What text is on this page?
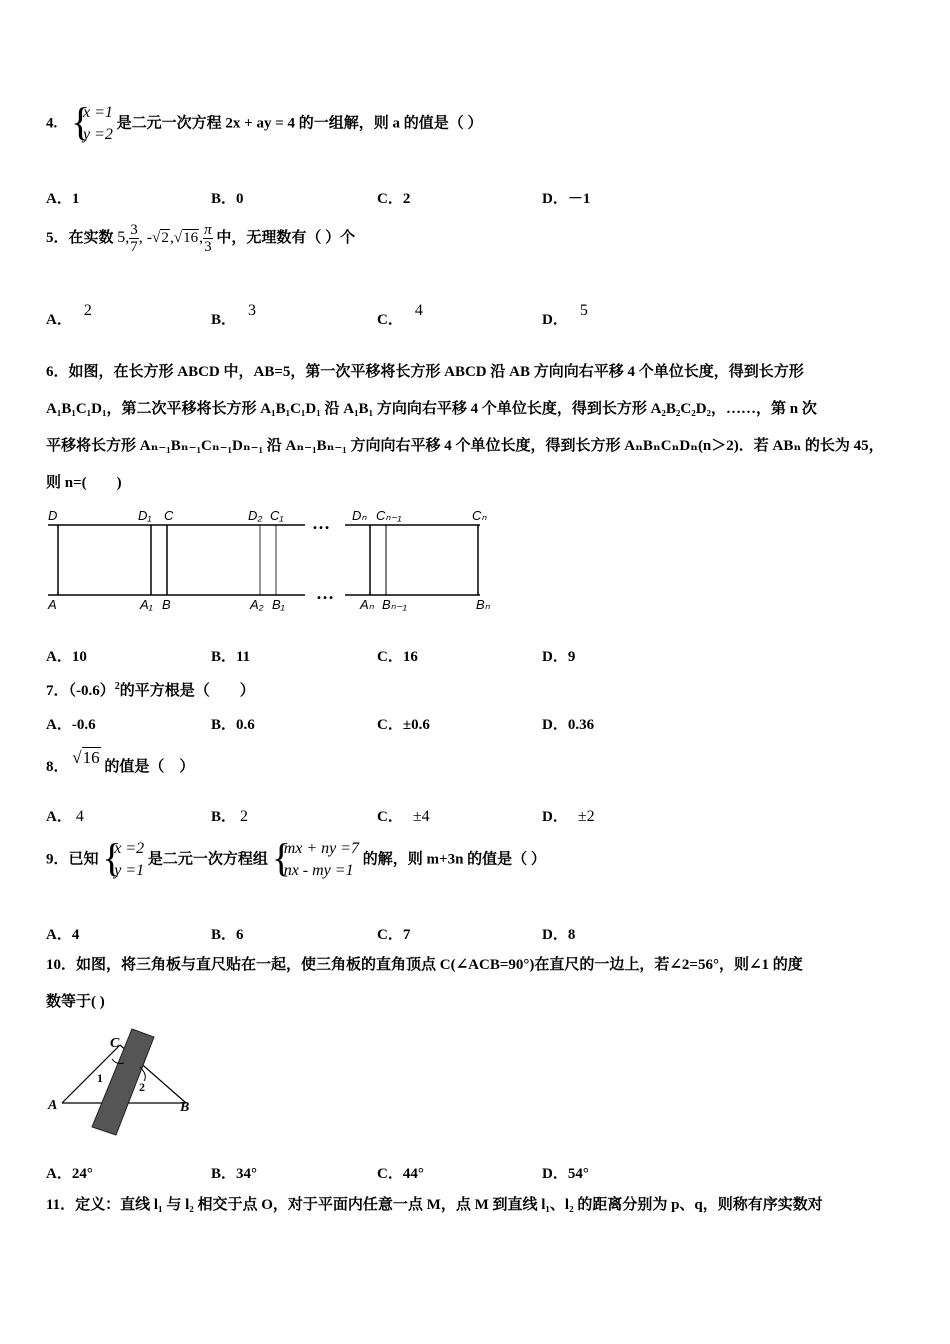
4. {
x =1
y =2
是二元一次方程 2x + ay = 4 的一组解，则 a 的值是（ ）
A．1	B．0	C．2	D．－1
5．在实数 5, $\frac{3}{7}$ , -√2,√16, $\frac{\pi}{3}$ 中，无理数有（ ）个
A．2
B．3
C．4
D．5
6．如图，在长方形 ABCD 中，AB=5，第一次平移将长方形 ABCD 沿 AB 方向向右平移 4 个单位长度，得到长方形
A₁B₁C₁D₁，第二次平移将长方形 A₁B₁C₁D₁ 沿 A₁B₁ 方向向右平移 4 个单位长度，得到长方形 A₂B₂C₂D₂，……，第 n 次
平移将长方形 Aₙ₋₁Bₙ₋₁Cₙ₋₁Dₙ₋₁ 沿 Aₙ₋₁Bₙ₋₁ 方向向右平移 4 个单位长度，得到长方形 AₙBₙCₙDₙ(n＞2)．若 ABₙ 的长为 45，
则 n=(　　)
D	D₁ C	D₂ C₁	Dₙ Cₙ₋₁	Cₙ
A	A₁ B	A₂ B₁	Aₙ Bₙ₋₁	Bₙ
…
…
A．10	B．11	C．16	D．9
7．$(-0.6)^2$的平方根是（　　）
A．-0.6	B．0.6	C．±0.6	D．0.36
8． √16 的值是（　）
A． 4	B． 2	C． ±4	D． ±2
9．已知 {
x =2
y =1
是二元一次方程组 {
mx + ny =7
nx - my =1
的解，则 m+3n 的值是（ ）
A．4	B．6	C．7	D．8
10．如图，将三角板与直尺贴在一起，使三角板的直角顶点 C(∠ACB=90°)在直尺的一边上，若∠2=56°，则∠1 的度
数等于( )
C
A	B
1
2
A．24°	B．34°	C．44°	D．54°
11．定义：直线 l₁ 与 l₂ 相交于点 O，对于平面内任意一点 M，点 M 到直线 l₁、l₂ 的距离分别为 p、q，则称有序实数对
